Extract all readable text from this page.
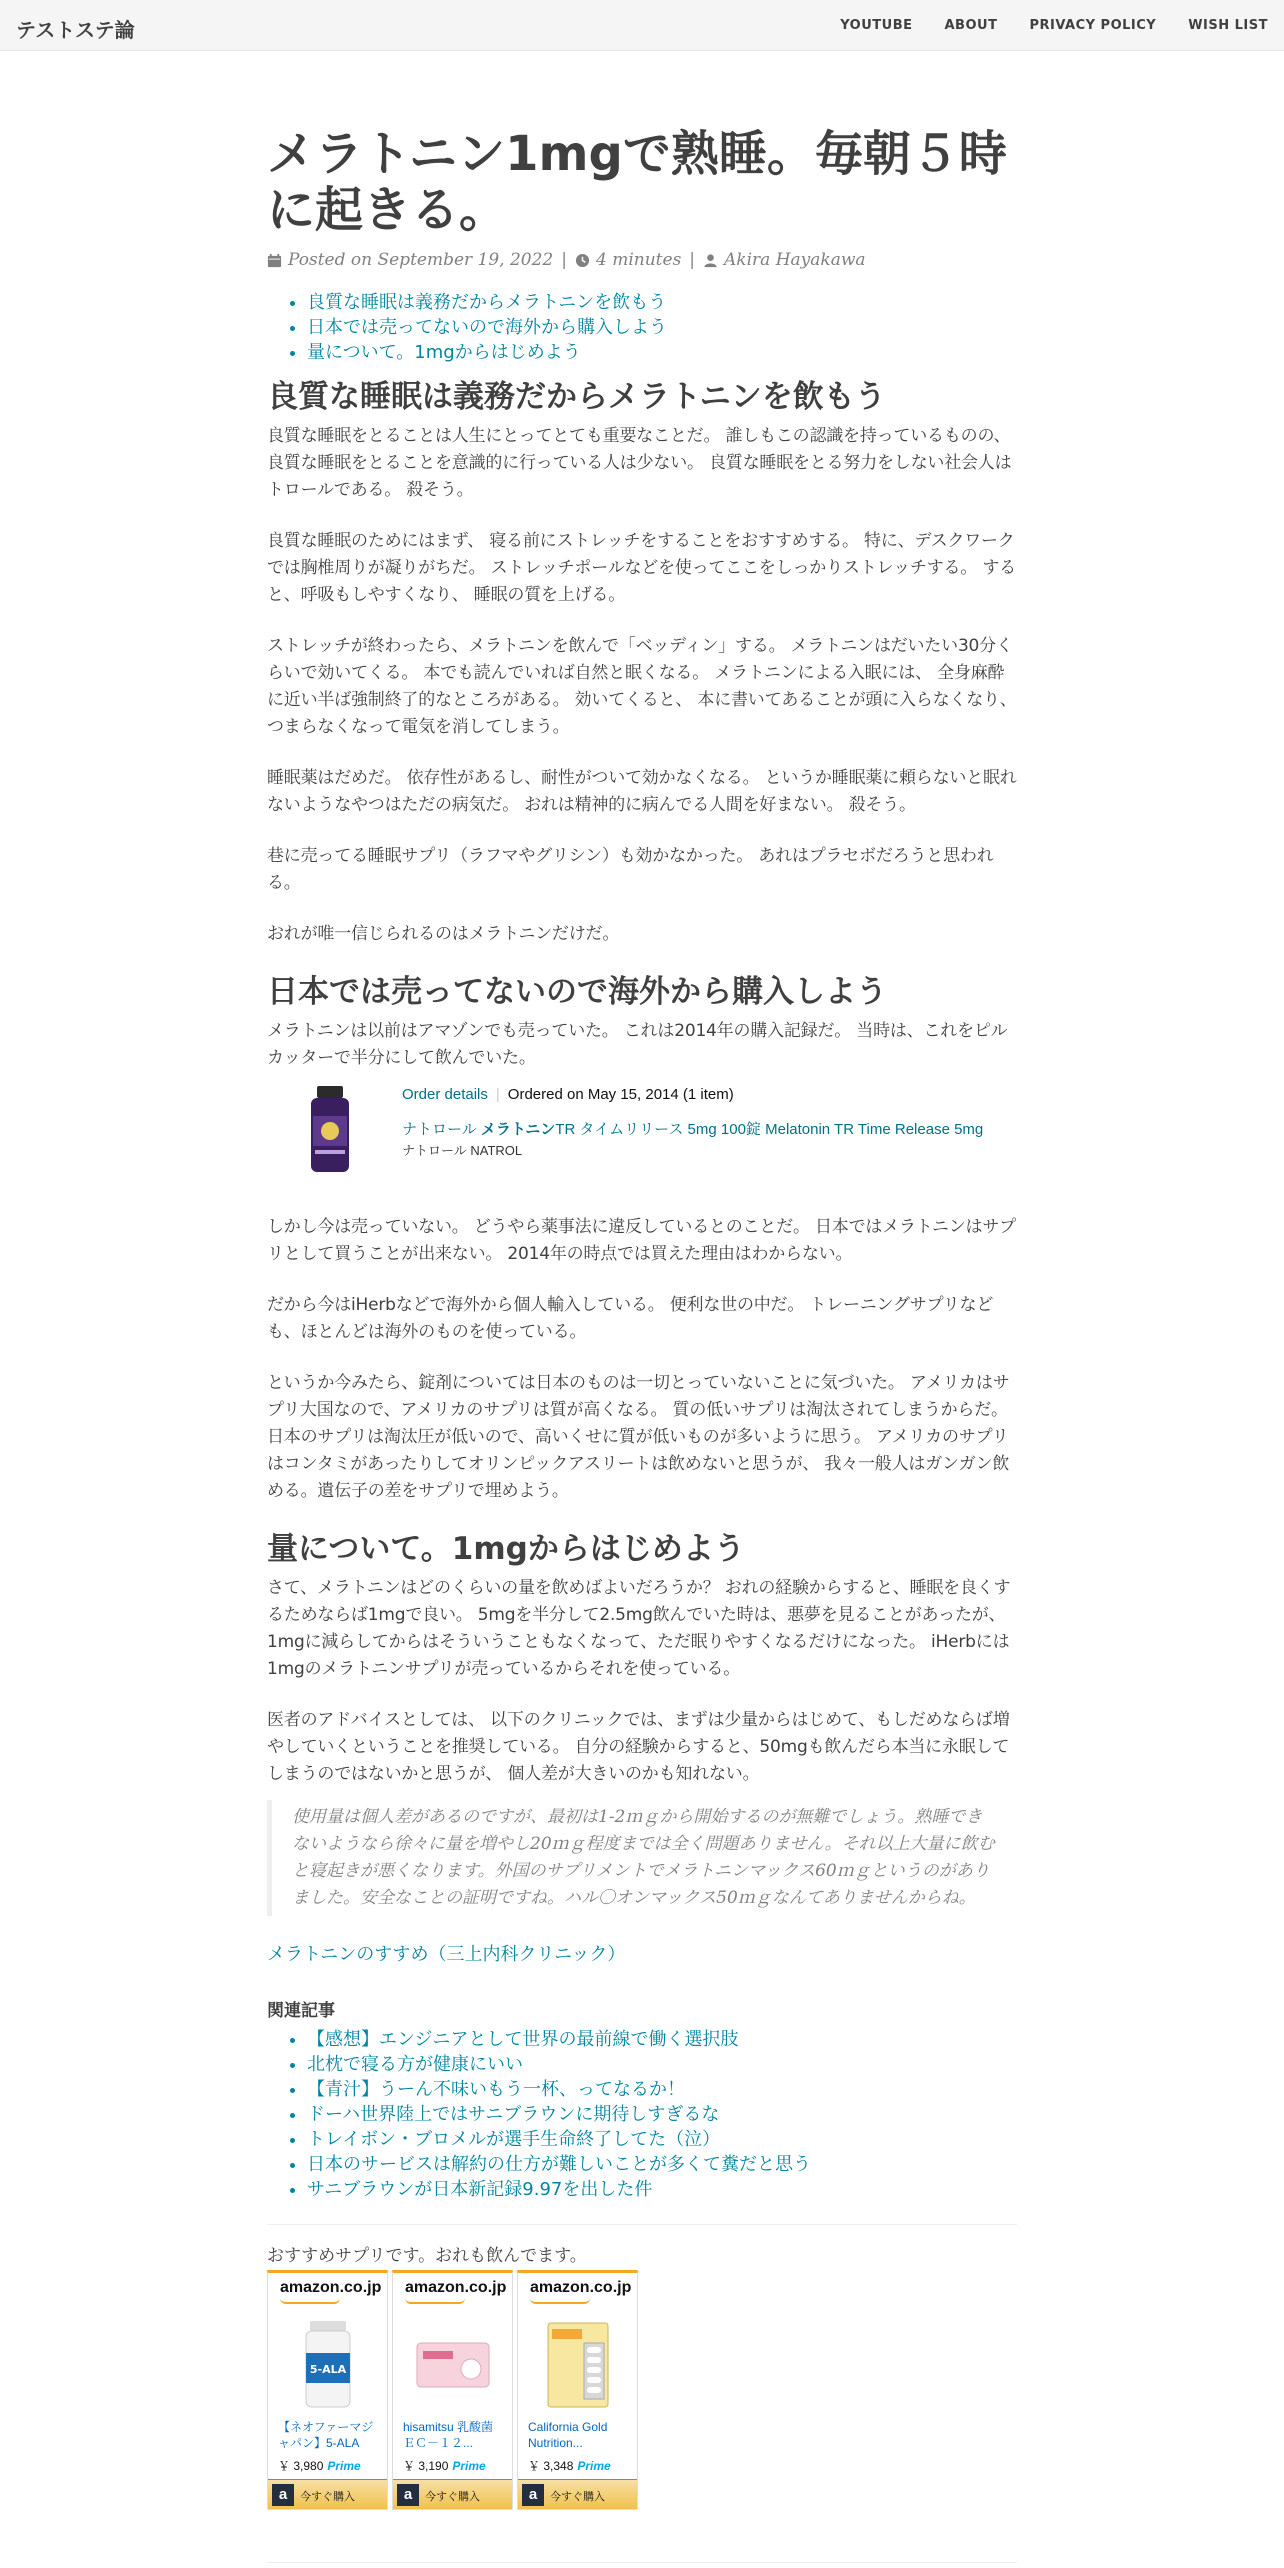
テストステ論	YOUTUBE ABOUT PRIVACY POLICY WISH LIST
メラトニン1mgで熟睡。毎朝５時に起きる。
Posted on September 19, 2022 | 4 minutes | Akira Hayakawa
• 良質な睡眠は義務だからメラトニンを飲もう
• 日本では売ってないので海外から購入しよう
• 量について。1mgからはじめよう
良質な睡眠は義務だからメラトニンを飲もう

良質な睡眠をとることは人生にとってとても重要なことだ。 誰しもこの認識を持っているものの、 良質な睡眠をとることを意識的に行っている人は少ない。 良質な睡眠をとる努力をしない社会人はトロールである。 殺そう。

良質な睡眠のためにはまず、 寝る前にストレッチをすることをおすすめする。 特に、デスクワークでは胸椎周りが凝りがちだ。 ストレッチポールなどを使ってここをしっかりストレッチする。 すると、呼吸もしやすくなり、 睡眠の質を上げる。

ストレッチが終わったら、メラトニンを飲んで「ベッディン」する。 メラトニンはだいたい30分くらいで効いてくる。 本でも読んでいれば自然と眠くなる。 メラトニンによる入眠には、 全身麻酔に近い半ば強制終了的なところがある。 効いてくると、 本に書いてあることが頭に入らなくなり、 つまらなくなって電気を消してしまう。

睡眠薬はだめだ。 依存性があるし、耐性がついて効かなくなる。 というか睡眠薬に頼らないと眠れないようなやつはただの病気だ。 おれは精神的に病んでる人間を好まない。 殺そう。

巷に売ってる睡眠サプリ（ラフマやグリシン）も効かなかった。 あれはプラセボだろうと思われる。

おれが唯一信じられるのはメラトニンだけだ。

日本では売ってないので海外から購入しよう

メラトニンは以前はアマゾンでも売っていた。 これは2014年の購入記録だ。 当時は、これをピルカッターで半分にして飲んでいた。

Order details | Ordered on May 15, 2014 (1 item)
ナトロール メラトニンTR タイムリリース 5mg 100錠 Melatonin TR Time Release 5mg
ナトロール NATROL

しかし今は売っていない。 どうやら薬事法に違反しているとのことだ。 日本ではメラトニンはサプリとして買うことが出来ない。 2014年の時点では買えた理由はわからない。

だから今はiHerbなどで海外から個人輸入している。 便利な世の中だ。 トレーニングサプリなども、ほとんどは海外のものを使っている。

というか今みたら、錠剤については日本のものは一切とっていないことに気づいた。 アメリカはサプリ大国なので、アメリカのサプリは質が高くなる。 質の低いサプリは淘汰されてしまうからだ。 日本のサプリは淘汰圧が低いので、高いくせに質が低いものが多いように思う。 アメリカのサプリはコンタミがあったりしてオリンピックアスリートは飲めないと思うが、 我々一般人はガンガン飲める。遺伝子の差をサプリで埋めよう。

量について。1mgからはじめよう

さて、メラトニンはどのくらいの量を飲めばよいだろうか？ おれの経験からすると、睡眠を良くするためならば1mgで良い。 5mgを半分して2.5mg飲んでいた時は、悪夢を見ることがあったが、 1mgに減らしてからはそういうこともなくなって、ただ眠りやすくなるだけになった。 iHerbには1mgのメラトニンサプリが売っているからそれを使っている。

医者のアドバイスとしては、 以下のクリニックでは、まずは少量からはじめて、もしだめならば増やしていくということを推奨している。 自分の経験からすると、50mgも飲んだら本当に永眠してしまうのではないかと思うが、 個人差が大きいのかも知れない。

使用量は個人差があるのですが、最初は1-2ｍｇから開始するのが無難でしょう。熟睡できないようなら徐々に量を増やし20ｍｇ程度までは全く問題ありません。それ以上大量に飲むと寝起きが悪くなります。外国のサプリメントでメラトニンマックス60ｍｇというのがありました。安全なことの証明ですね。ハル〇オンマックス50ｍｇなんてありませんからね。
メラトニンのすすめ（三上内科クリニック）
関連記事
• 【感想】エンジニアとして世界の最前線で働く選択肢
• 北枕で寝る方が健康にいい
• 【青汁】うーん不味いもう一杯、ってなるか！
• ドーハ世界陸上ではサニブラウンに期待しすぎるな
• トレイボン・ブロメルが選手生命終了してた（泣）
• 日本のサービスは解約の仕方が難しいことが多くて糞だと思う
• サニブラウンが日本新記録9.97を出した件
おすすめサプリです。おれも飲んでます。
amazon.co.jp
5-ALA
【ネオファーマジャパン】5-ALA
￥ 3,980 Prime
a	今すぐ購入
amazon.co.jp
hisamitsu 乳酸菌 ＥＣ－１２...
￥ 3,190 Prime
a	今すぐ購入
amazon.co.jp
California Gold Nutrition...
￥ 3,348 Prime
a	今すぐ購入
